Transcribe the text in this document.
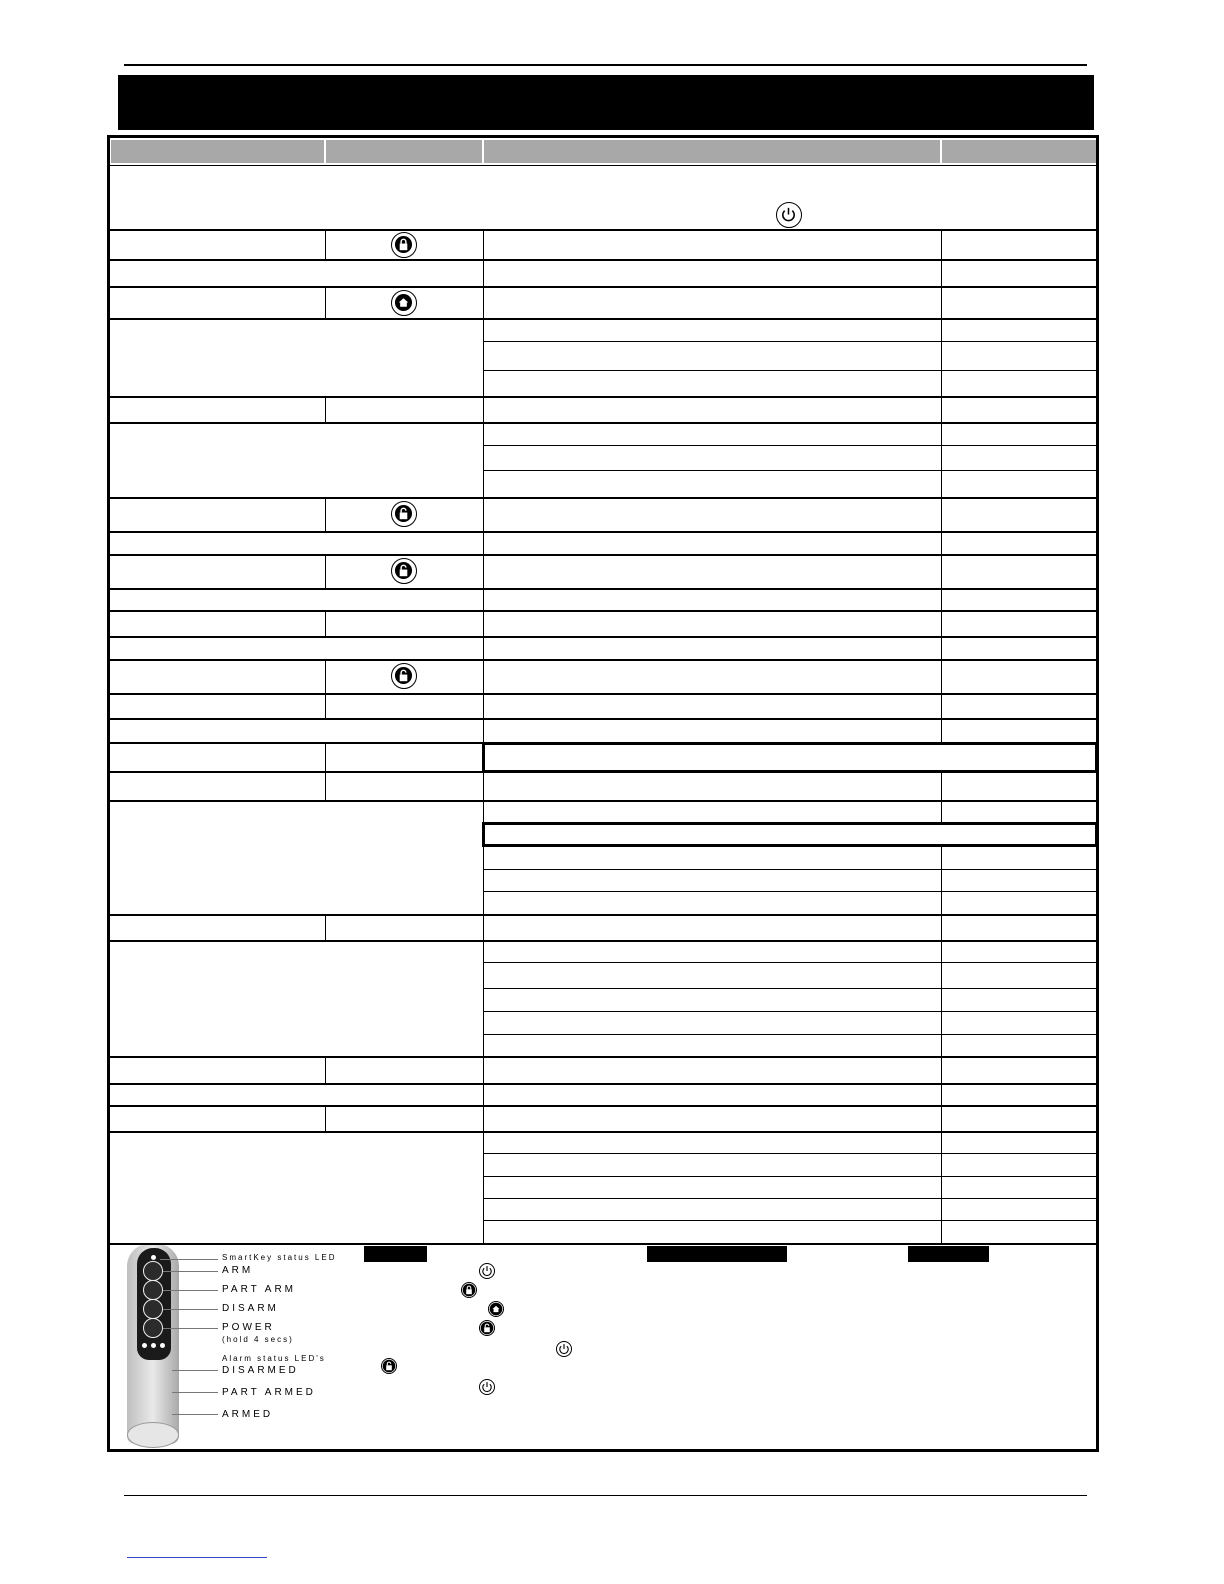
SmartKey status LED
ARM
PART ARM
DISARM
POWER
(hold 4 secs)
Alarm status LED's
DISARMED
PART ARMED
ARMED
